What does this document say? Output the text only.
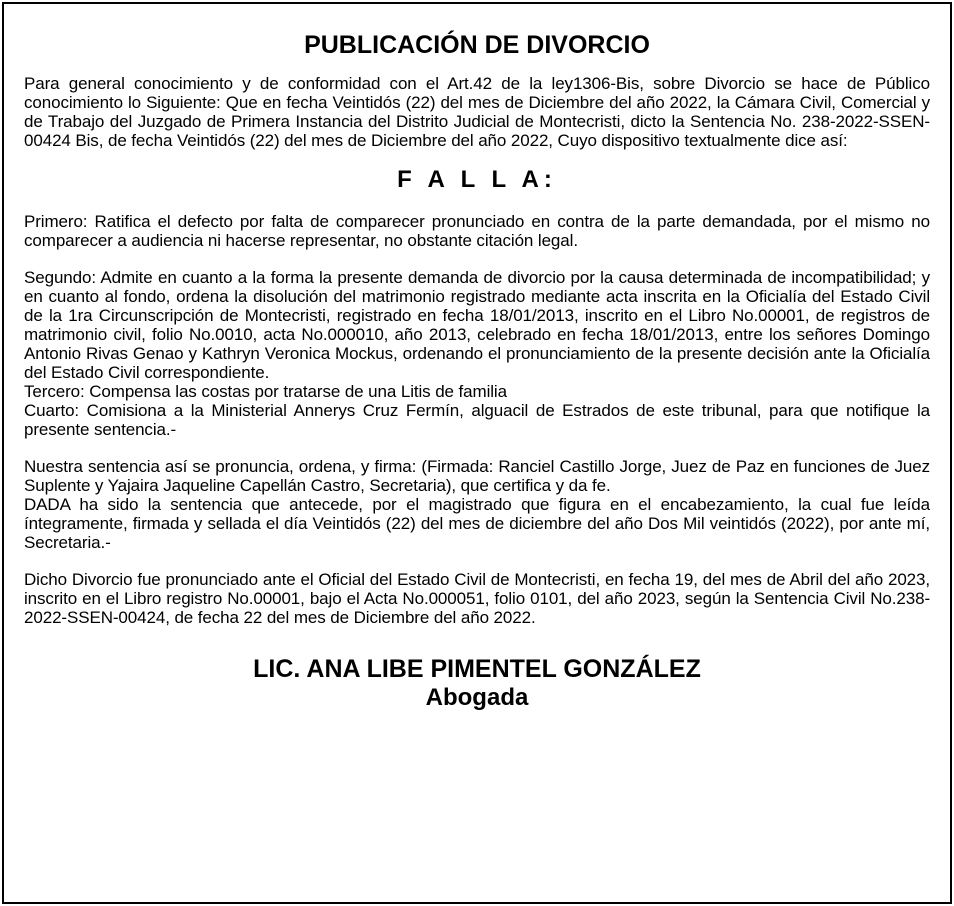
PUBLICACIÓN DE DIVORCIO

Para general conocimiento y de conformidad con el Art.42 de la ley1306-Bis, sobre Divorcio se hace de Público conocimiento lo Siguiente: Que en fecha Veintidós (22) del mes de Diciembre del año 2022, la Cámara Civil, Comercial y de Trabajo del Juzgado de Primera Instancia del Distrito Judicial de Montecristi, dicto la Sentencia No. 238-2022-SSEN-00424 Bis, de fecha Veintidós (22) del mes de Diciembre del año 2022, Cuyo dispositivo textualmente dice así:

F A L L A:

Primero: Ratifica el defecto por falta de comparecer pronunciado en contra de la parte demandada, por el mismo no comparecer a audiencia ni hacerse representar, no obstante citación legal.

Segundo: Admite en cuanto a la forma la presente demanda de divorcio por la causa determinada de incompatibilidad; y en cuanto al fondo, ordena la disolución del matrimonio registrado mediante acta inscrita en la Oficialía del Estado Civil de la 1ra Circunscripción de Montecristi, registrado en fecha 18/01/2013, inscrito en el Libro No.00001, de registros de matrimonio civil, folio No.0010, acta No.000010, año 2013, celebrado en fecha 18/01/2013, entre los señores Domingo Antonio Rivas Genao y Kathryn Veronica Mockus, ordenando el pronunciamiento de la presente decisión ante la Oficialía del Estado Civil correspondiente.

Tercero: Compensa las costas por tratarse de una Litis de familia

Cuarto: Comisiona a la Ministerial Annerys Cruz Fermín, alguacil de Estrados de este tribunal, para que notifique la presente sentencia.-

Nuestra sentencia así se pronuncia, ordena, y firma: (Firmada: Ranciel Castillo Jorge, Juez de Paz en funciones de Juez Suplente y Yajaira Jaqueline Capellán Castro, Secretaria), que certifica y da fe.

DADA ha sido la sentencia que antecede, por el magistrado que figura en el encabezamiento, la cual fue leída íntegramente, firmada y sellada el día Veintidós (22) del mes de diciembre del año Dos Mil veintidós (2022), por ante mí, Secretaria.-

Dicho Divorcio fue pronunciado ante el Oficial del Estado Civil de Montecristi, en fecha 19, del mes de Abril del año 2023, inscrito en el Libro registro No.00001, bajo el Acta No.000051, folio 0101, del año 2023, según la Sentencia Civil No.238-2022-SSEN-00424, de fecha 22 del mes de Diciembre del año 2022.

LIC. ANA LIBE PIMENTEL GONZÁLEZ
Abogada
